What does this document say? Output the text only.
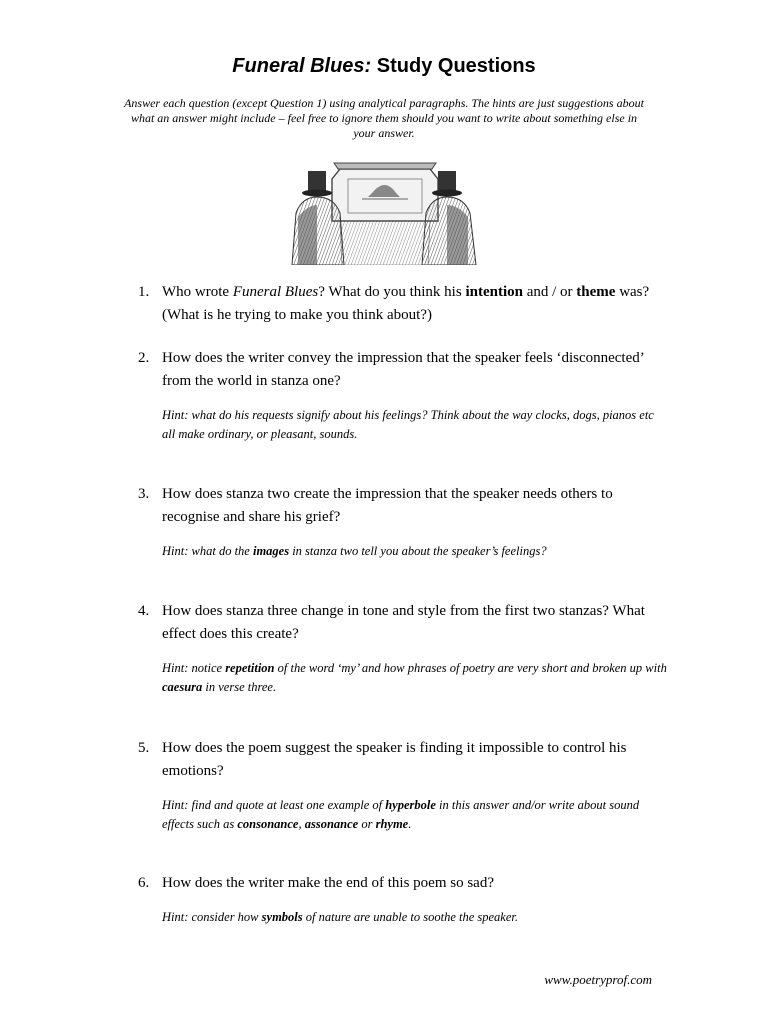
Funeral Blues: Study Questions
Answer each question (except Question 1) using analytical paragraphs. The hints are just suggestions about what an answer might include – feel free to ignore them should you want to write about something else in your answer.
1. Who wrote Funeral Blues? What do you think his intention and / or theme was? (What is he trying to make you think about?)
2. How does the writer convey the impression that the speaker feels ‘disconnected’ from the world in stanza one?
Hint: what do his requests signify about his feelings? Think about the way clocks, dogs, pianos etc all make ordinary, or pleasant, sounds.
3. How does stanza two create the impression that the speaker needs others to recognise and share his grief?
Hint: what do the images in stanza two tell you about the speaker’s feelings?
4. How does stanza three change in tone and style from the first two stanzas? What effect does this create?
Hint: notice repetition of the word ‘my’ and how phrases of poetry are very short and broken up with caesura in verse three.
5. How does the poem suggest the speaker is finding it impossible to control his emotions?
Hint: find and quote at least one example of hyperbole in this answer and/or write about sound effects such as consonance, assonance or rhyme.
6. How does the writer make the end of this poem so sad?
Hint: consider how symbols of nature are unable to soothe the speaker.
www.poetryprof.com
